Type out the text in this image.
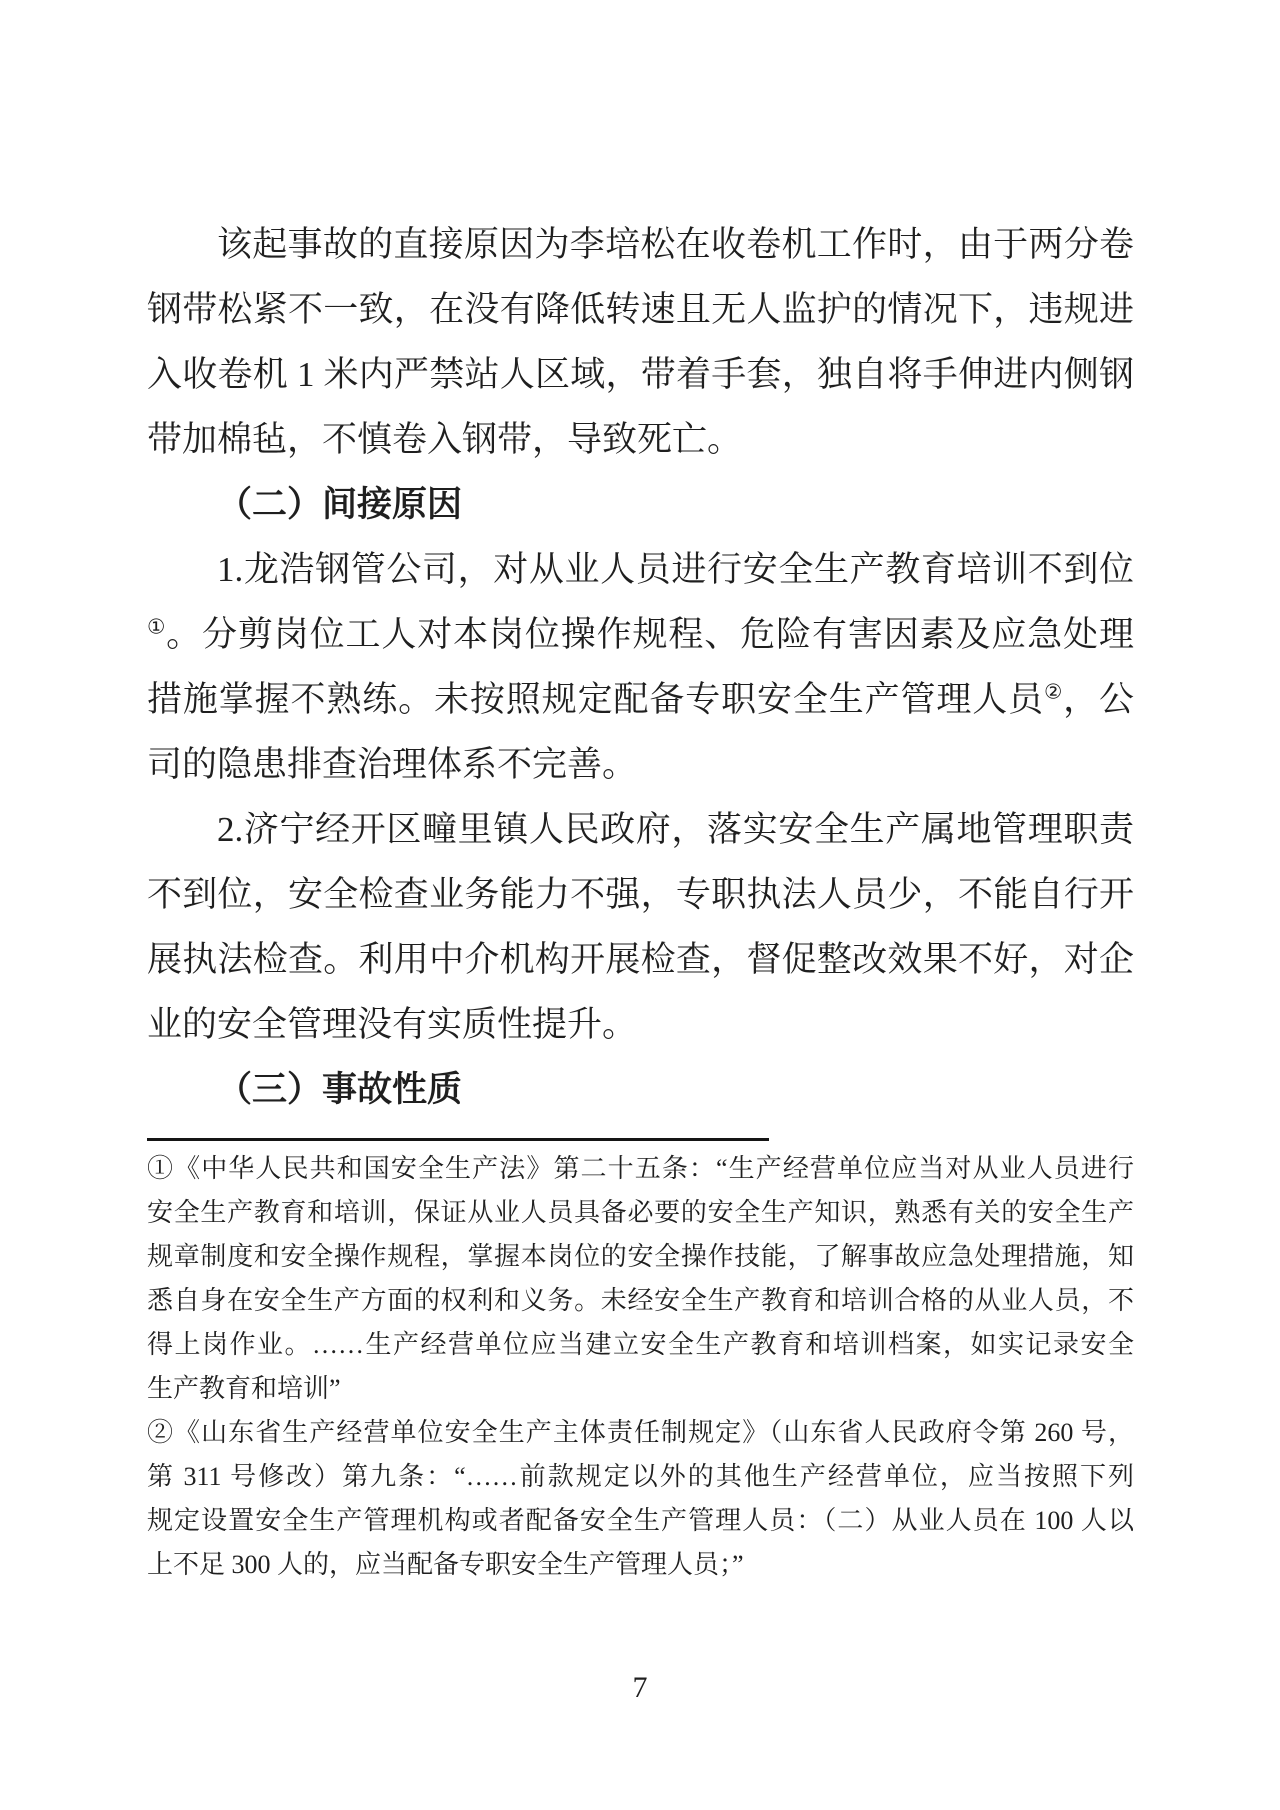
该起事故的直接原因为李培松在收卷机工作时，由于两分卷
钢带松紧不一致，在没有降低转速且无人监护的情况下，违规进
入收卷机 1 米内严禁站人区域，带着手套，独自将手伸进内侧钢
带加棉毡，不慎卷入钢带，导致死亡。
（二）间接原因
1.龙浩钢管公司，对从业人员进行安全生产教育培训不到位
①。分剪岗位工人对本岗位操作规程、危险有害因素及应急处理
措施掌握不熟练。未按照规定配备专职安全生产管理人员②，公
司的隐患排查治理体系不完善。
2.济宁经开区疃里镇人民政府，落实安全生产属地管理职责
不到位，安全检查业务能力不强，专职执法人员少，不能自行开
展执法检查。利用中介机构开展检查，督促整改效果不好，对企
业的安全管理没有实质性提升。
（三）事故性质
①《中华人民共和国安全生产法》第二十五条：“生产经营单位应当对从业人员进行
安全生产教育和培训，保证从业人员具备必要的安全生产知识，熟悉有关的安全生产
规章制度和安全操作规程，掌握本岗位的安全操作技能，了解事故应急处理措施，知
悉自身在安全生产方面的权利和义务。未经安全生产教育和培训合格的从业人员，不
得上岗作业。……生产经营单位应当建立安全生产教育和培训档案，如实记录安全
生产教育和培训”
②《山东省生产经营单位安全生产主体责任制规定》（山东省人民政府令第 260 号，
第 311 号修改）第九条：“……前款规定以外的其他生产经营单位，应当按照下列
规定设置安全生产管理机构或者配备安全生产管理人员：（二）从业人员在 100 人以
上不足 300 人的，应当配备专职安全生产管理人员；”
7
